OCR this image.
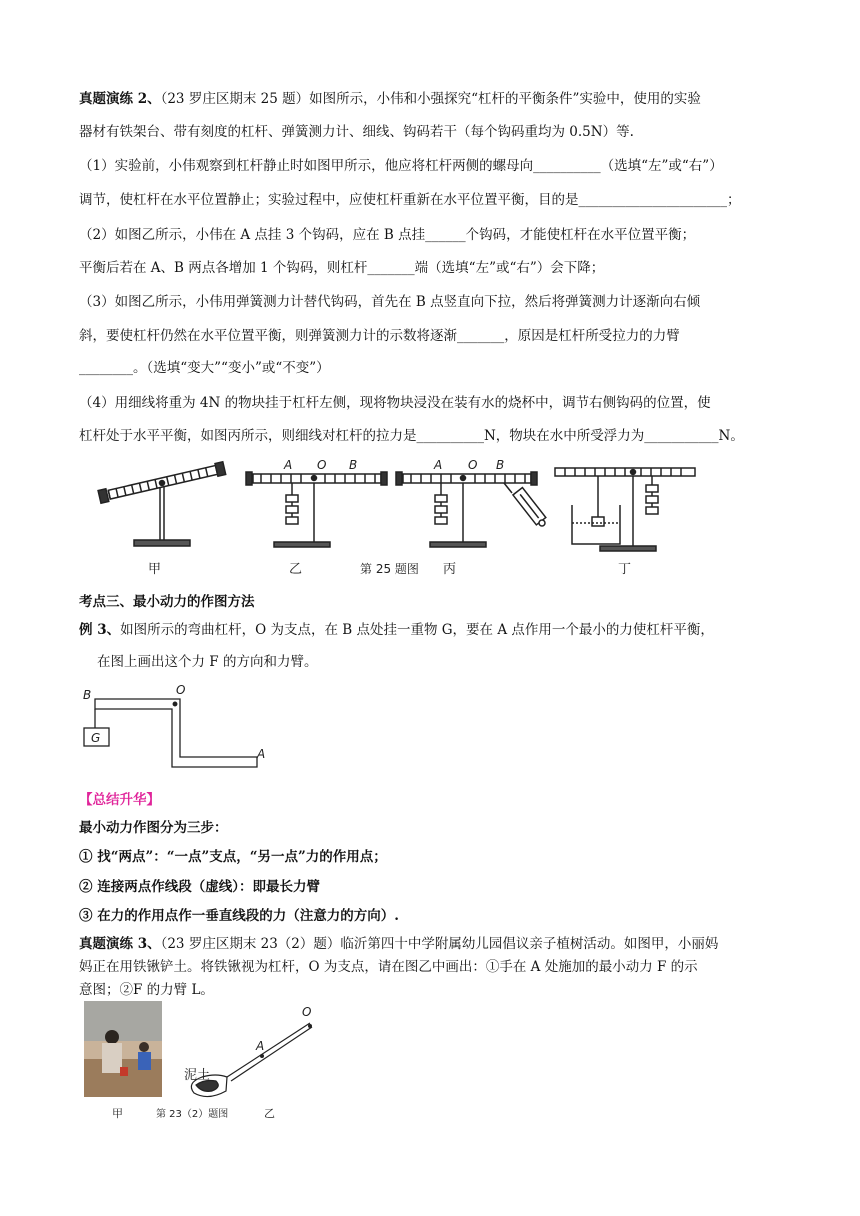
真题演练 2、（23 罗庄区期末 25 题）如图所示，小伟和小强探究“杠杆的平衡条件”实验中，使用的实验
器材有铁架台、带有刻度的杠杆、弹簧测力计、细线、钩码若干（每个钩码重均为 0.5N）等.
（1）实验前，小伟观察到杠杆静止时如图甲所示，他应将杠杆两侧的螺母向__________（选填“左”或“右”）
调节，使杠杆在水平位置静止；实验过程中，应使杠杆重新在水平位置平衡，目的是______________________；
（2）如图乙所示，小伟在 A 点挂 3 个钩码，应在 B 点挂______个钩码，才能使杠杆在水平位置平衡；
平衡后若在 A、B 两点各增加 1 个钩码，则杠杆_______端（选填“左”或“右”）会下降；
（3）如图乙所示，小伟用弹簧测力计替代钩码，首先在 B 点竖直向下拉，然后将弹簧测力计逐渐向右倾
斜，要使杠杆仍然在水平位置平衡，则弹簧测力计的示数将逐渐_______，原因是杠杆所受拉力的力臂
________。（选填“变大”“变小”或“不变”）
（4）用细线将重为 4N 的物块挂于杠杆左侧，现将物块浸没在装有水的烧杯中，调节右侧钩码的位置，使
杠杆处于水平平衡，如图丙所示，则细线对杠杆的拉力是__________N，物块在水中所受浮力为___________N。
A O B	A O B
甲	乙	第 25 题图 丙	丁
考点三、最小动力的作图方法
例 3、如图所示的弯曲杠杆，O 为支点，在 B 点处挂一重物 G，要在 A 点作用一个最小的力使杠杆平衡，
在图上画出这个力 F 的方向和力臂。
B	O
G
A
【总结升华】
最小动力作图分为三步：
① 找“两点”：“一点”支点，“另一点”力的作用点；
② 连接两点作线段（虚线）：即最长力臂
③ 在力的作用点作一垂直线段的力（注意力的方向）.
真题演练 3、（23 罗庄区期末 23（2）题）临沂第四十中学附属幼儿园倡议亲子植树活动。如图甲，小丽妈
妈正在用铁锹铲土。将铁锹视为杠杆，O 为支点，请在图乙中画出：①手在 A 处施加的最小动力 F 的示
意图；②F 的力臂 L。
泥土
A
O
甲	第 23（2）题图	乙
